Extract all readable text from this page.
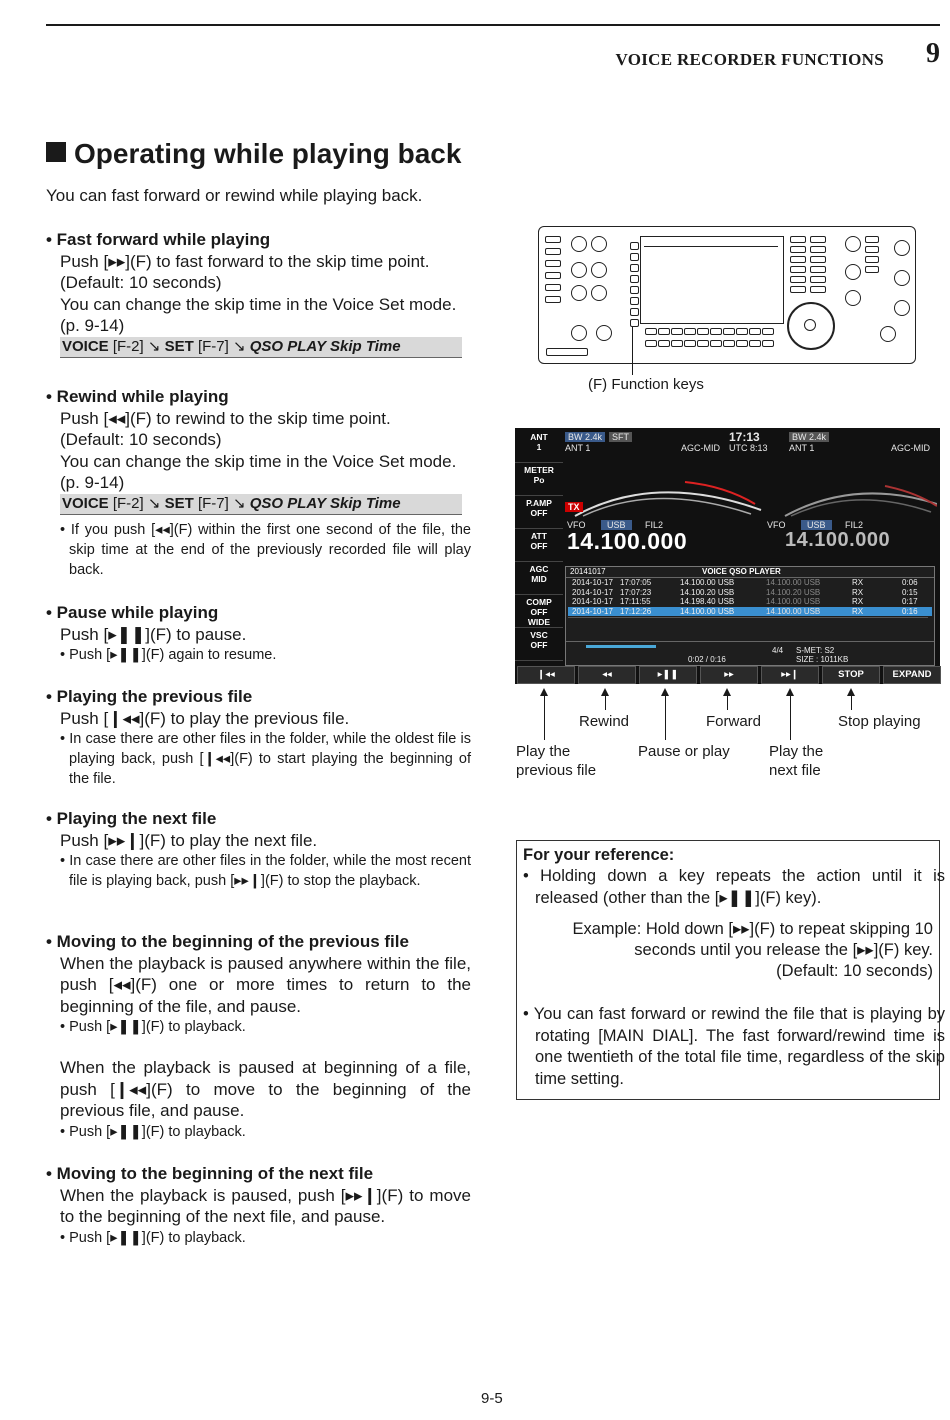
VOICE RECORDER FUNCTIONS 9
Operating while playing back
You can fast forward or rewind while playing back.
• Fast forward while playing
Push [▸▸](F) to fast forward to the skip time point.
(Default: 10 seconds)
You can change the skip time in the Voice Set mode.
(p. 9-14)
VOICE [F-2] ↘ SET [F-7] ↘ QSO PLAY Skip Time
• Rewind while playing
Push [◂◂](F) to rewind to the skip time point.
(Default: 10 seconds)
You can change the skip time in the Voice Set mode.
(p. 9-14)
VOICE [F-2] ↘ SET [F-7] ↘ QSO PLAY Skip Time
• If you push [◂◂](F) within the first one second of the file, the skip time at the end of the previously recorded file will play back.
• Pause while playing
Push [▸❚❚](F) to pause.
• Push [▸❚❚](F) again to resume.
• Playing the previous file
Push [❙◂◂](F) to play the previous file.
• In case there are other files in the folder, while the oldest file is playing back, push [❙◂◂](F) to start playing the beginning of the file.
• Playing the next file
Push [▸▸❙](F) to play the next file.
• In case there are other files in the folder, while the most recent file is playing back, push [▸▸❙](F) to stop the playback.
• Moving to the beginning of the previous file
When the playback is paused anywhere within the file, push [◂◂](F) one or more times to return to the beginning of the file, and pause.
• Push [▸❚❚](F) to playback.
When the playback is paused at beginning of a file, push [❙◂◂](F) to move to the beginning of the previous file, and pause.
• Push [▸❚❚](F) to playback.
• Moving to the beginning of the next file
When the playback is paused, push [▸▸❙](F) to move to the beginning of the next file, and pause.
• Push [▸❚❚](F) to playback.
(F) Function keys
ANT
1
METER
Po
P.AMP
OFF
ATT
OFF
AGC
MID
COMP
OFF
WIDE
VSC
OFF
BW 2.4k	SFT
ANT 1	AGC-MID
17:13
UTC 8:13
BW 2.4k
ANT 1	AGC-MID
TX
VFO	USB	FIL2
14.100.000
VFO	USB	FIL2
14.100.000
20141017	VOICE QSO PLAYER
2014-10-17 17:07:05	14.100.00 USB	14.100.00 USB	RX	0:06
2014-10-17 17:07:23	14.100.20 USB	14.100.20 USB	RX	0:15
2014-10-17 17:11:55	14.198.40 USB	14.100.00 USB	RX	0:17
2014-10-17 17:12:26	14.100.00 USB	14.100.00 USB	RX	0:16
0:02 / 0:16
4/4 S-MET: S2
SIZE : 1011KB
❙◂◂	◂◂	▸❚❚	▸▸	▸▸❙	STOP	EXPAND
Rewind	Forward	Stop playing
Play the
previous file
Pause or play	Play the
next file
For your reference:
• Holding down a key repeats the action until it is released (other than the [▸❚❚](F) key).
Example: Hold down [▸▸](F) to repeat skipping 10
seconds until you release the [▸▸](F) key.
(Default: 10 seconds)
• You can fast forward or rewind the file that is playing by rotating [MAIN DIAL]. The fast forward/rewind time is one twentieth of the total file time, regardless of the skip time setting.
9-5
